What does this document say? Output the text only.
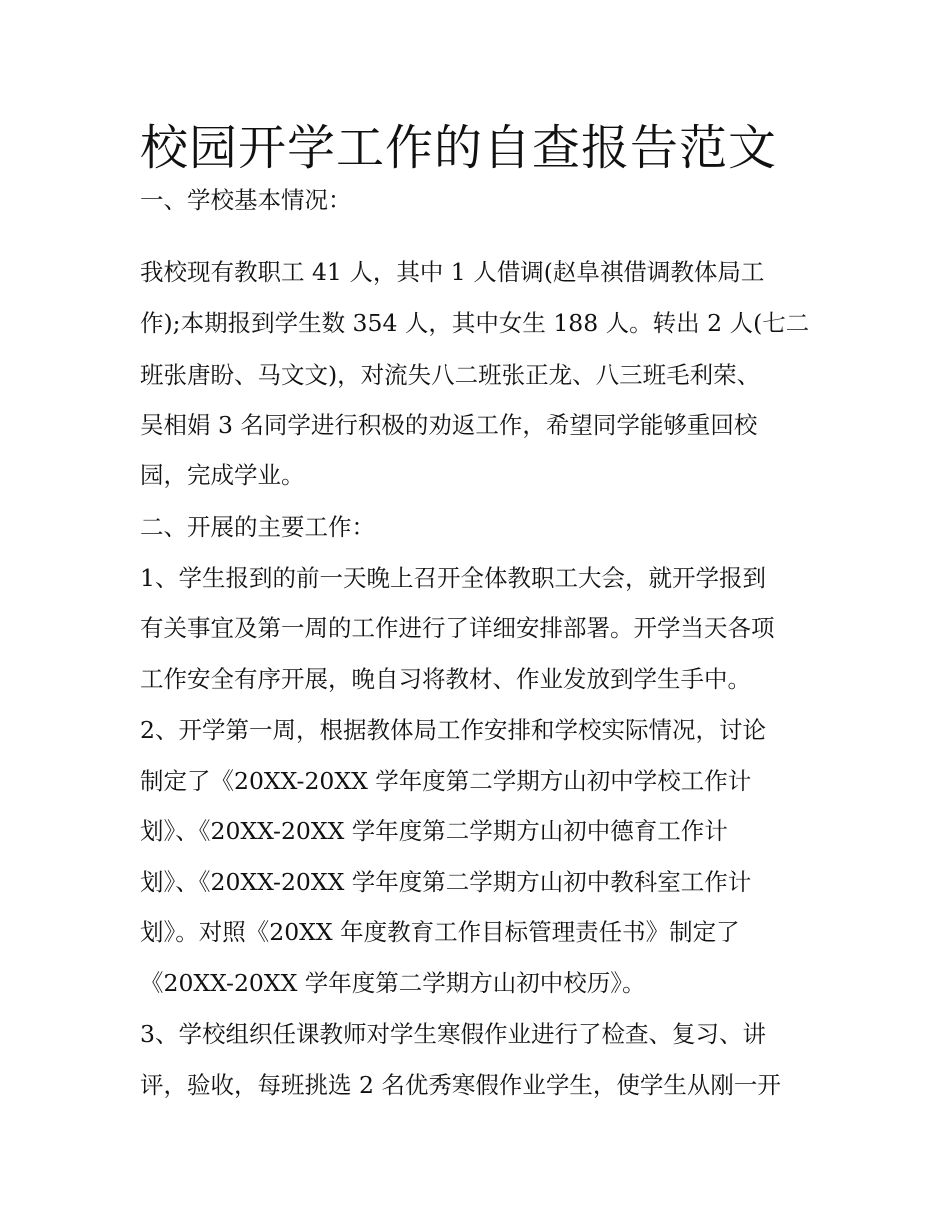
校园开学工作的自查报告范文
一、学校基本情况：
我校现有教职工 41 人，其中 1 人借调(赵阜祺借调教体局工
作);本期报到学生数 354 人，其中女生 188 人。转出 2 人(七二
班张唐盼、马文文)，对流失八二班张正龙、八三班毛利荣、
吴相娟 3 名同学进行积极的劝返工作，希望同学能够重回校
园，完成学业。
二、开展的主要工作：
1、学生报到的前一天晚上召开全体教职工大会，就开学报到
有关事宜及第一周的工作进行了详细安排部署。开学当天各项
工作安全有序开展，晚自习将教材、作业发放到学生手中。
2、开学第一周，根据教体局工作安排和学校实际情况，讨论
制定了《20XX-20XX 学年度第二学期方山初中学校工作计
划》、《20XX-20XX 学年度第二学期方山初中德育工作计
划》、《20XX-20XX 学年度第二学期方山初中教科室工作计
划》。对照《20XX 年度教育工作目标管理责任书》制定了
《20XX-20XX 学年度第二学期方山初中校历》。
3、学校组织任课教师对学生寒假作业进行了检查、复习、讲
评，验收，每班挑选 2 名优秀寒假作业学生，使学生从刚一开
